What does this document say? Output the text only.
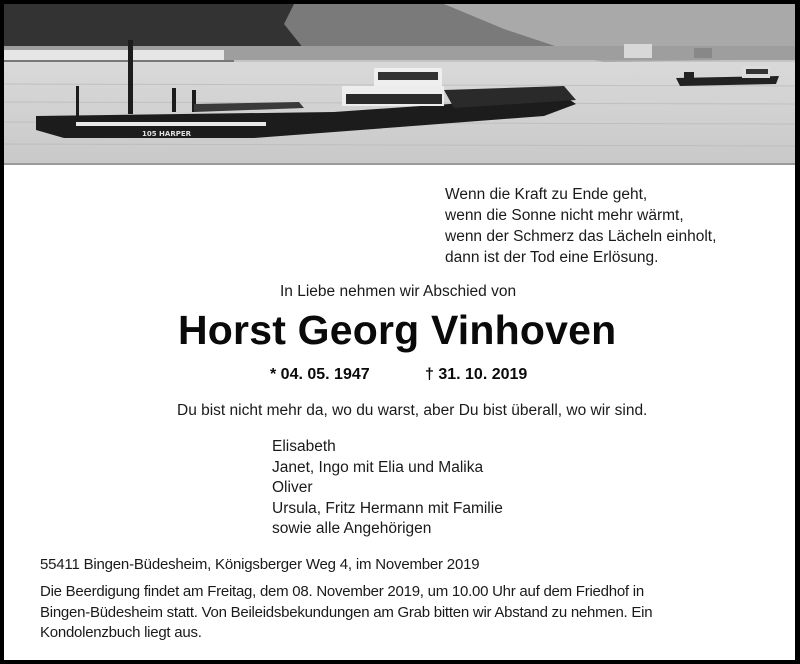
105 HARPER
Wenn die Kraft zu Ende geht,
wenn die Sonne nicht mehr wärmt,
wenn der Schmerz das Lächeln einholt,
dann ist der Tod eine Erlösung.
In Liebe nehmen wir Abschied von
Horst Georg Vinhoven
* 04. 05. 1947	† 31. 10. 2019
Du bist nicht mehr da, wo du warst, aber Du bist überall, wo wir sind.
Elisabeth
Janet, Ingo mit Elia und Malika
Oliver
Ursula, Fritz Hermann mit Familie
sowie alle Angehörigen
55411 Bingen-Büdesheim, Königsberger Weg 4, im November 2019
Die Beerdigung findet am Freitag, dem 08. November 2019, um 10.00 Uhr auf dem Friedhof in
Bingen-Büdesheim statt. Von Beileidsbekundungen am Grab bitten wir Abstand zu nehmen. Ein
Kondolenzbuch liegt aus.
